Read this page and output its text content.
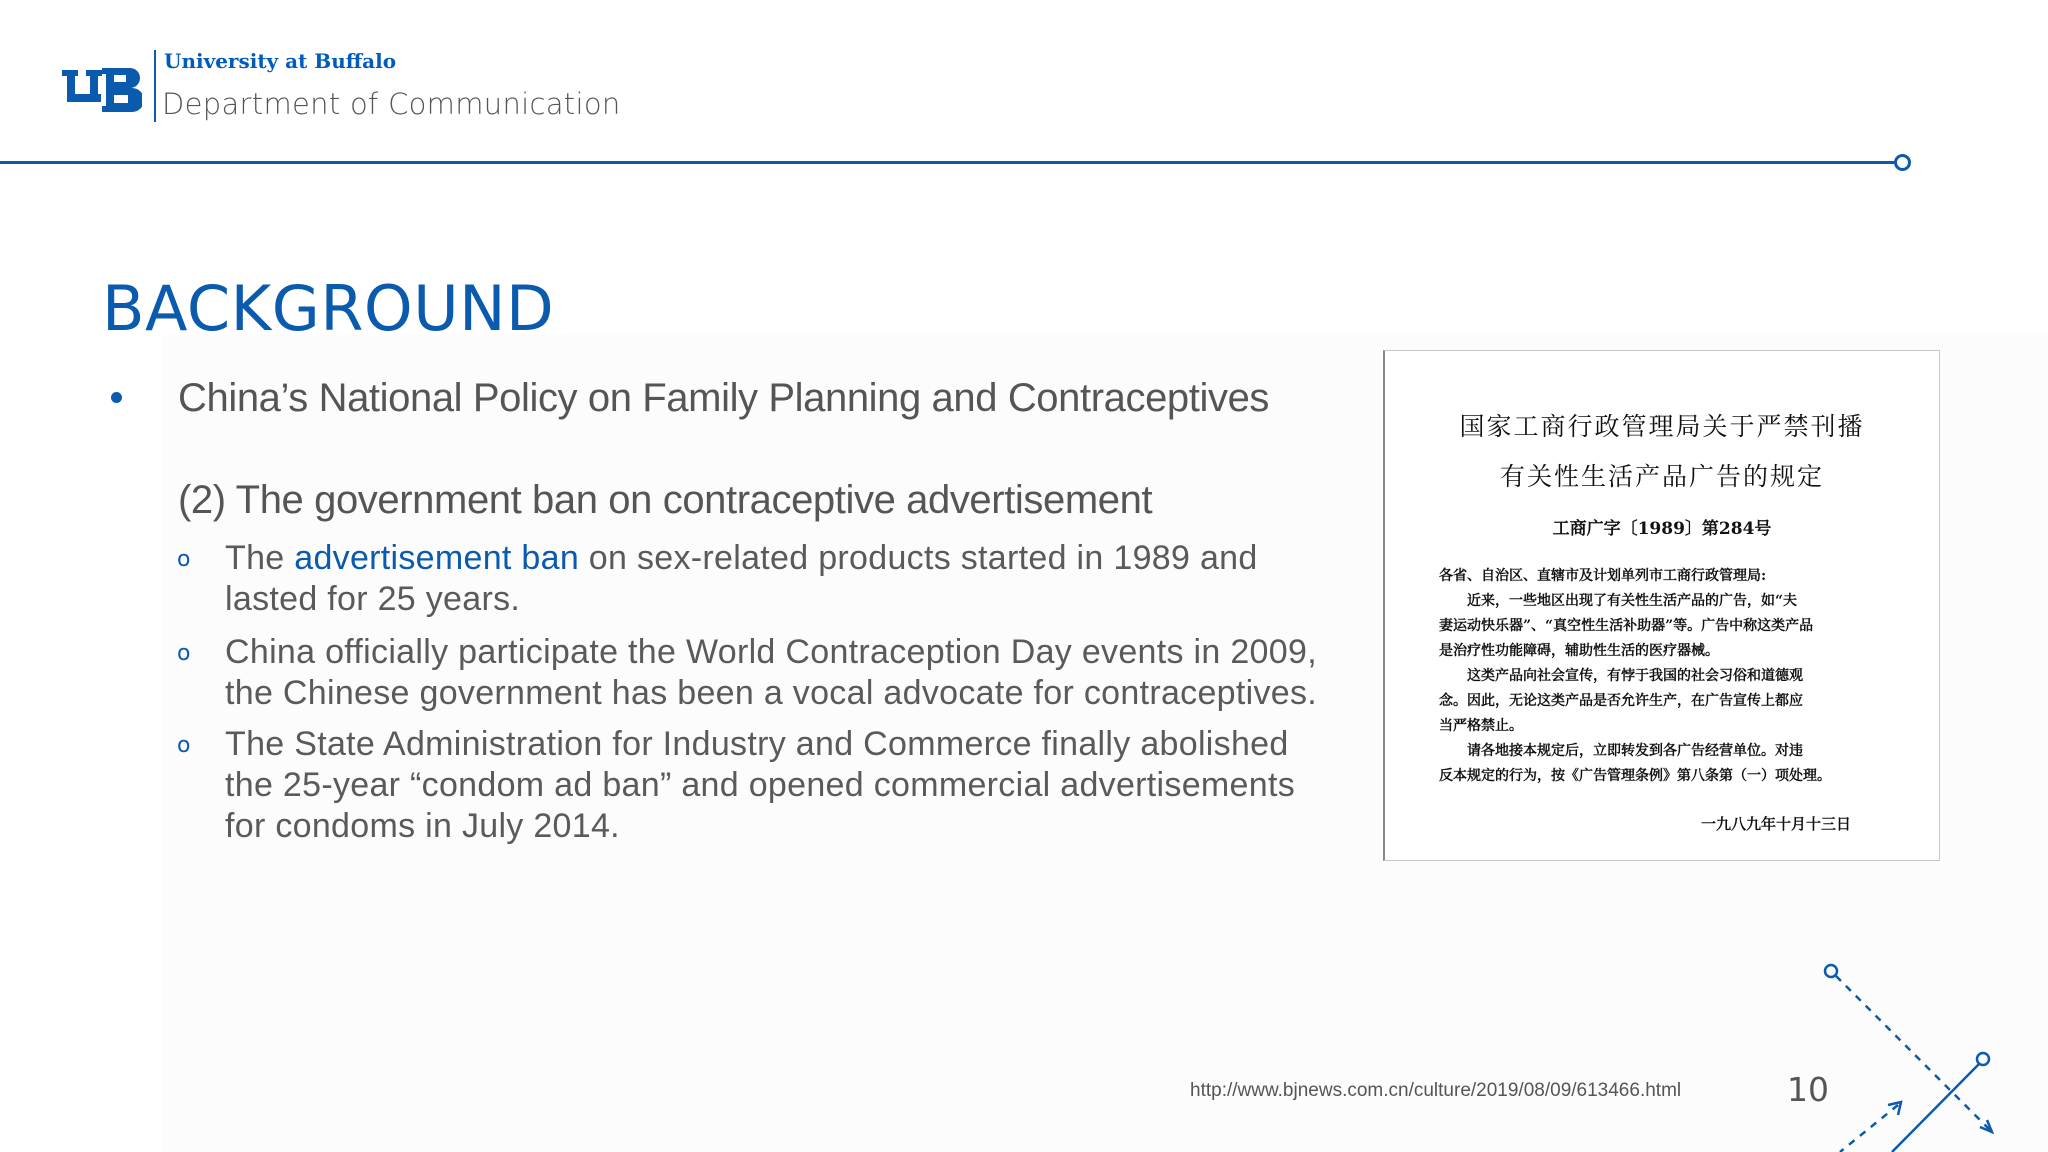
University at Buffalo
Department of Communication
BACKGROUND
China’s National Policy on Family Planning and Contraceptives
(2) The government ban on contraceptive advertisement
o The advertisement ban on sex-related products started in 1989 and lasted for 25 years.
o China officially participate the World Contraception Day events in 2009, the Chinese government has been a vocal advocate for contraceptives.
o The State Administration for Industry and Commerce finally abolished the 25-year “condom ad ban” and opened commercial advertisements for condoms in July 2014.
国家工商行政管理局关于严禁刊播
有关性生活产品广告的规定
工商广字〔1989〕第284号
各省、自治区、直辖市及计划单列市工商行政管理局:
　　近来，一些地区出现了有关性生活产品的广告，如“夫
妻运动快乐器”、“真空性生活补助器”等。广告中称这类产品
是治疗性功能障碍，辅助性生活的医疗器械。
　　这类产品向社会宣传，有悖于我国的社会习俗和道德观
念。因此，无论这类产品是否允许生产，在广告宣传上都应
当严格禁止。
　　请各地接本规定后，立即转发到各广告经营单位。对违
反本规定的行为，按《广告管理条例》第八条第（一）项处理。
一九八九年十月十三日
http://www.bjnews.com.cn/culture/2019/08/09/613466.html	10
